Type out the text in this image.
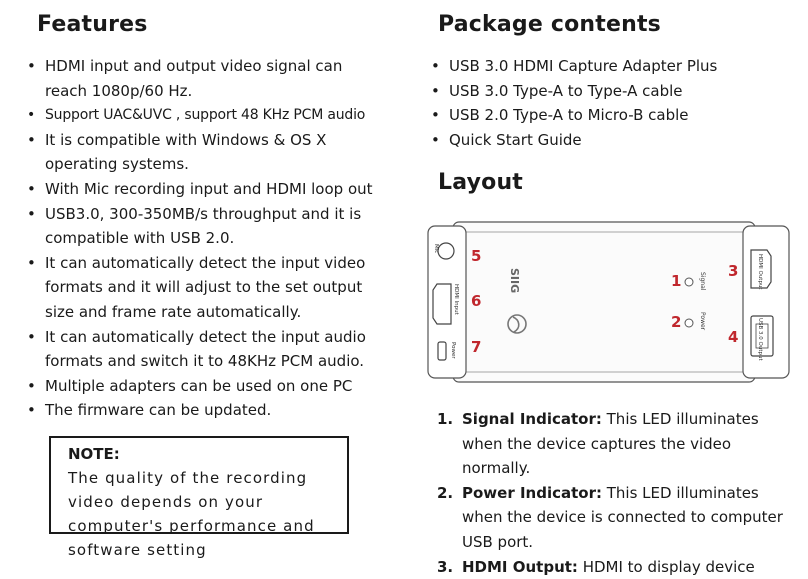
Features
• HDMI input and output video signal can reach 1080p/60 Hz.
• Support UAC&UVC , support 48 KHz PCM audio
• It is compatible with Windows & OS X operating systems.
• With Mic recording input and HDMI loop out
• USB3.0, 300-350MB/s throughput and it is compatible with USB 2.0.
• It can automatically detect the input video formats and it will adjust to the set output size and frame rate automatically.
• It can automatically detect the input audio formats and switch it to 48KHz PCM audio.
• Multiple adapters can be used on one PC
• The firmware can be updated.
NOTE:
The quality of the recording video depends on your computer's performance and software setting
Package contents
• USB 3.0 HDMI Capture Adapter Plus
• USB 3.0 Type-A to Type-A cable
• USB 2.0 Type-A to Micro-B cable
• Quick Start Guide
Layout
Mic
HDMI Input
Power
SIIG	Signal
Power
HDMI Output
USB 3.0 Output
1
2
3
4
5
6
7
1. Signal Indicator: This LED illuminates when the device captures the video normally.
2. Power Indicator: This LED illuminates when the device is connected to computer USB port.
3. HDMI Output: HDMI to display device
